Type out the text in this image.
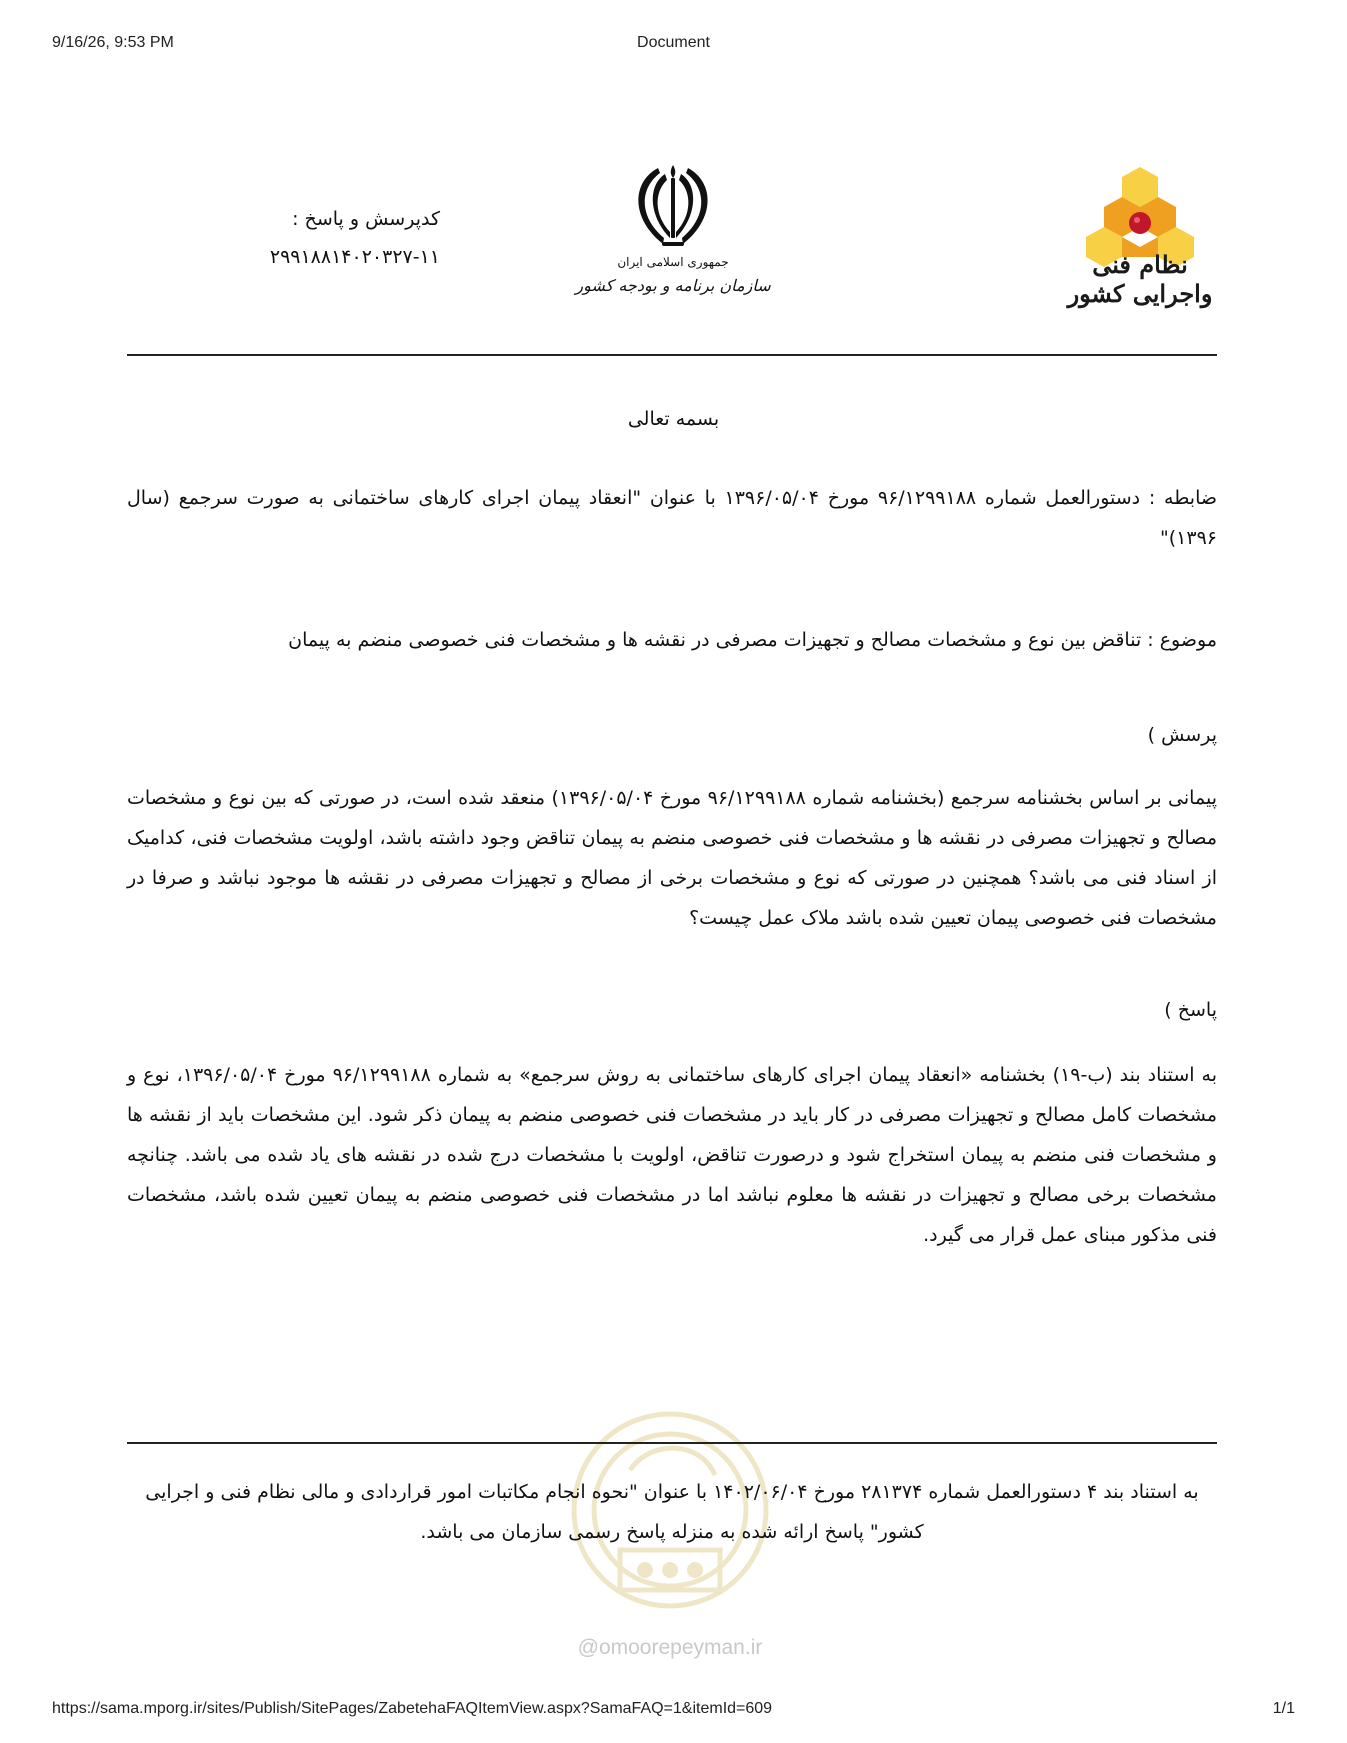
9/16/26, 9:53 PM	Document
نظام فنی واجرایی کشور
جمهوری اسلامی ایران
سازمان برنامه و بودجه کشور
کدپرسش و پاسخ :
۲۹۹۱۸۸۱۴۰۲۰۳۲۷-۱۱
بسمه تعالی
ضابطه : دستورالعمل شماره ۹۶/۱۲۹۹۱۸۸ مورخ ۱۳۹۶/۰۵/۰۴ با عنوان "انعقاد پیمان اجرای کارهای ساختمانی به صورت سرجمع (سال ۱۳۹۶)"
موضوع : تناقض بین نوع و مشخصات مصالح و تجهیزات مصرفی در نقشه ها و مشخصات فنی خصوصی منضم به پیمان
پرسش )
پیمانی بر اساس بخشنامه سرجمع (بخشنامه شماره ۹۶/۱۲۹۹۱۸۸ مورخ ۱۳۹۶/۰۵/۰۴) منعقد شده است، در صورتی که بین نوع و مشخصات مصالح و تجهیزات مصرفی در نقشه ها و مشخصات فنی خصوصی منضم به پیمان تناقض وجود داشته باشد، اولویت مشخصات فنی، کدامیک از اسناد فنی می باشد؟ همچنین در صورتی که نوع و مشخصات برخی از مصالح و تجهیزات مصرفی در نقشه ها موجود نباشد و صرفا در مشخصات فنی خصوصی پیمان تعیین شده باشد ملاک عمل چیست؟
پاسخ )
به استناد بند (ب-۱۹) بخشنامه «انعقاد پیمان اجرای کارهای ساختمانی به روش سرجمع» به شماره ۹۶/۱۲۹۹۱۸۸ مورخ ۱۳۹۶/۰۵/۰۴، نوع و مشخصات کامل مصالح و تجهیزات مصرفی در کار باید در مشخصات فنی خصوصی منضم به پیمان ذکر شود. این مشخصات باید از نقشه ها و مشخصات فنی منضم به پیمان استخراج شود و درصورت تناقض، اولویت با مشخصات درج شده در نقشه های یاد شده می باشد. چنانچه مشخصات برخی مصالح و تجهیزات در نقشه ها معلوم نباشد اما در مشخصات فنی خصوصی منضم به پیمان تعیین شده باشد، مشخصات فنی مذکور مبنای عمل قرار می گیرد.
به استناد بند ۴ دستورالعمل شماره ۲۸۱۳۷۴ مورخ ۱۴۰۲/۰۶/۰۴ با عنوان "نحوه انجام مکاتبات امور قراردادی و مالی نظام فنی و اجرایی کشور" پاسخ ارائه شده به منزله پاسخ رسمی سازمان می باشد.
@omoorepeyman.ir
https://sama.mporg.ir/sites/Publish/SitePages/ZabetehaFAQItemView.aspx?SamaFAQ=1&itemId=609	1/1
